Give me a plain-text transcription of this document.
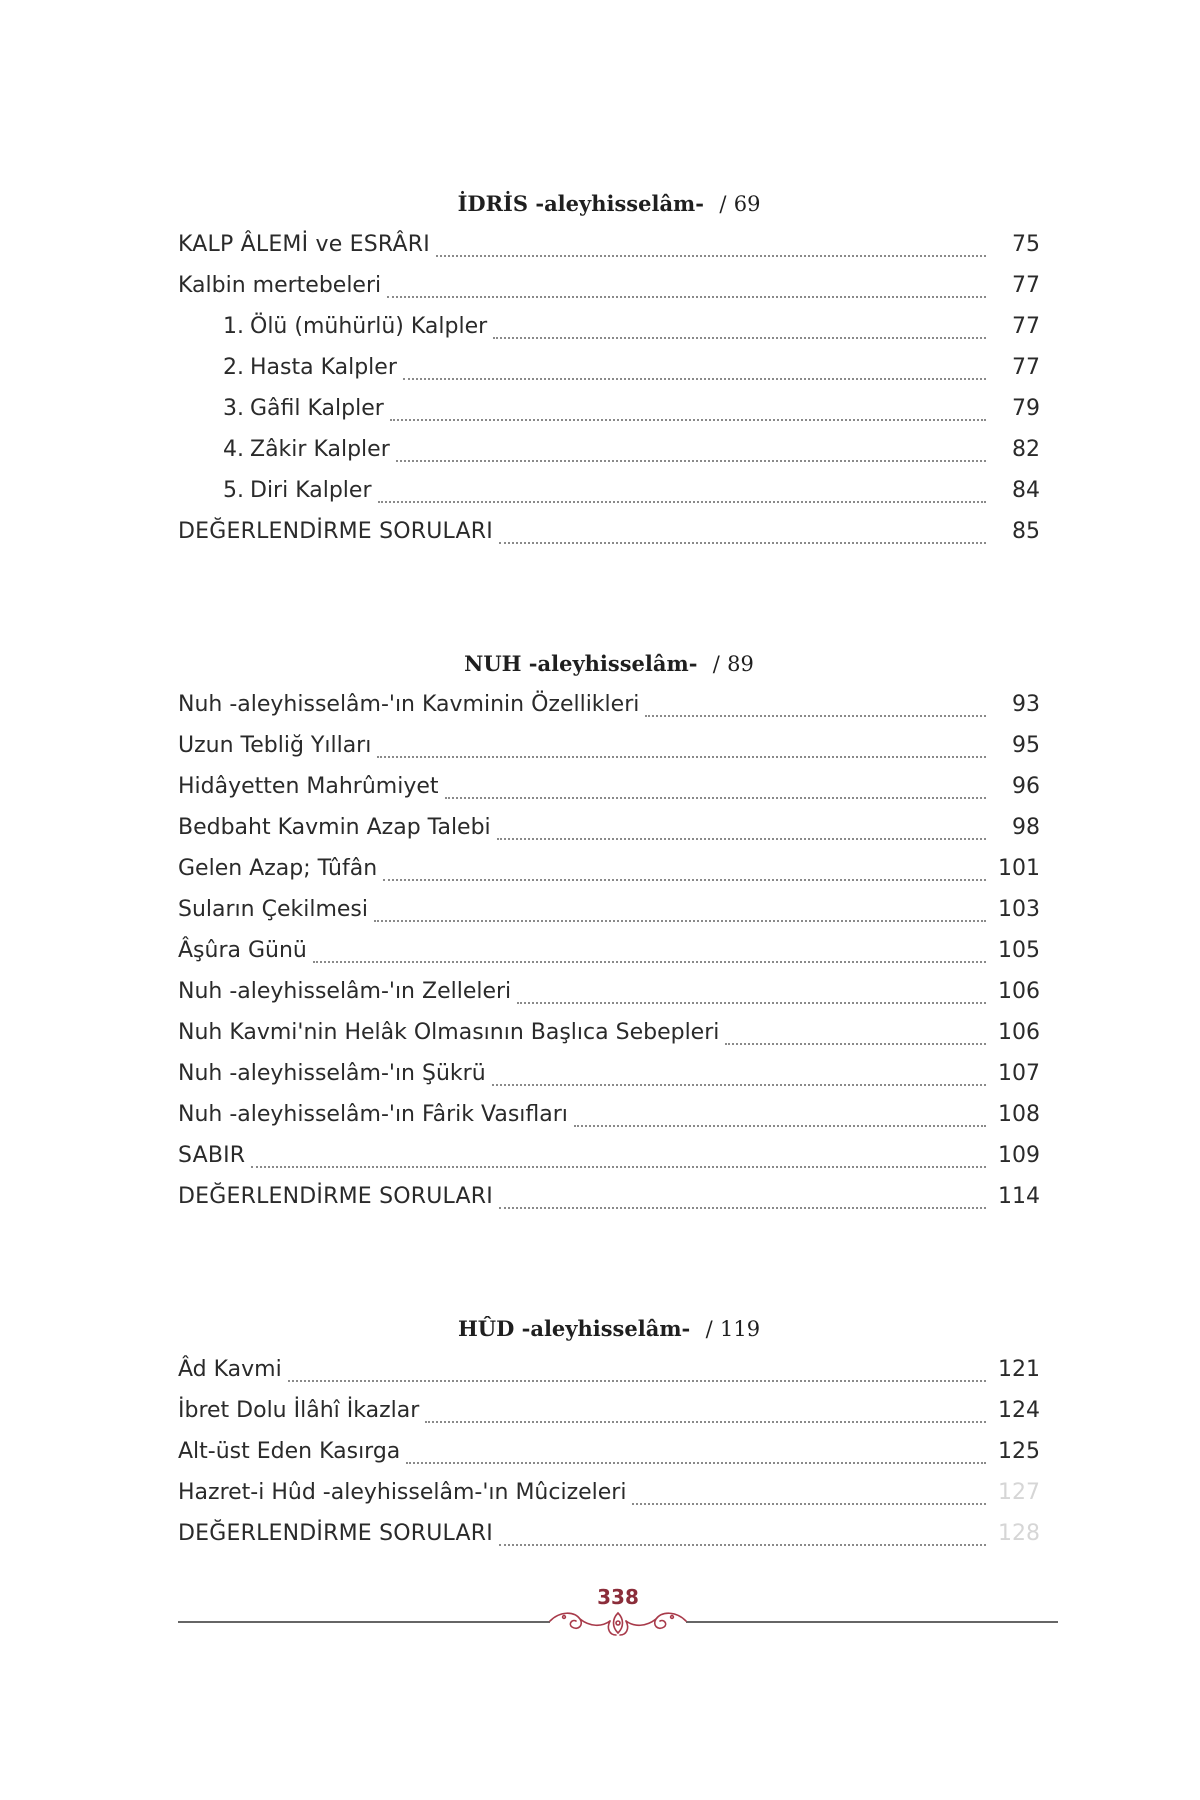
İDRİS -aleyhisselâm- / 69
KALP ÂLEMİ ve ESRÂRI	75
Kalbin mertebeleri	77
1. Ölü (mühürlü) Kalpler	77
2. Hasta Kalpler	77
3. Gâfil Kalpler	79
4. Zâkir Kalpler	82
5. Diri Kalpler	84
DEĞERLENDİRME SORULARI	85
NUH -aleyhisselâm- / 89
Nuh -aleyhisselâm-'ın Kavminin Özellikleri	93
Uzun Tebliğ Yılları	95
Hidâyetten Mahrûmiyet	96
Bedbaht Kavmin Azap Talebi	98
Gelen Azap; Tûfân	101
Suların Çekilmesi	103
Âşûra Günü	105
Nuh -aleyhisselâm-'ın Zelleleri	106
Nuh Kavmi'nin Helâk Olmasının Başlıca Sebepleri	106
Nuh -aleyhisselâm-'ın Şükrü	107
Nuh -aleyhisselâm-'ın Fârik Vasıfları	108
SABIR	109
DEĞERLENDİRME SORULARI	114
HÛD -aleyhisselâm- / 119
Âd Kavmi	121
İbret Dolu İlâhî İkazlar	124
Alt-üst Eden Kasırga	125
Hazret-i Hûd -aleyhisselâm-'ın Mûcizeleri	127
DEĞERLENDİRME SORULARI	128
338
